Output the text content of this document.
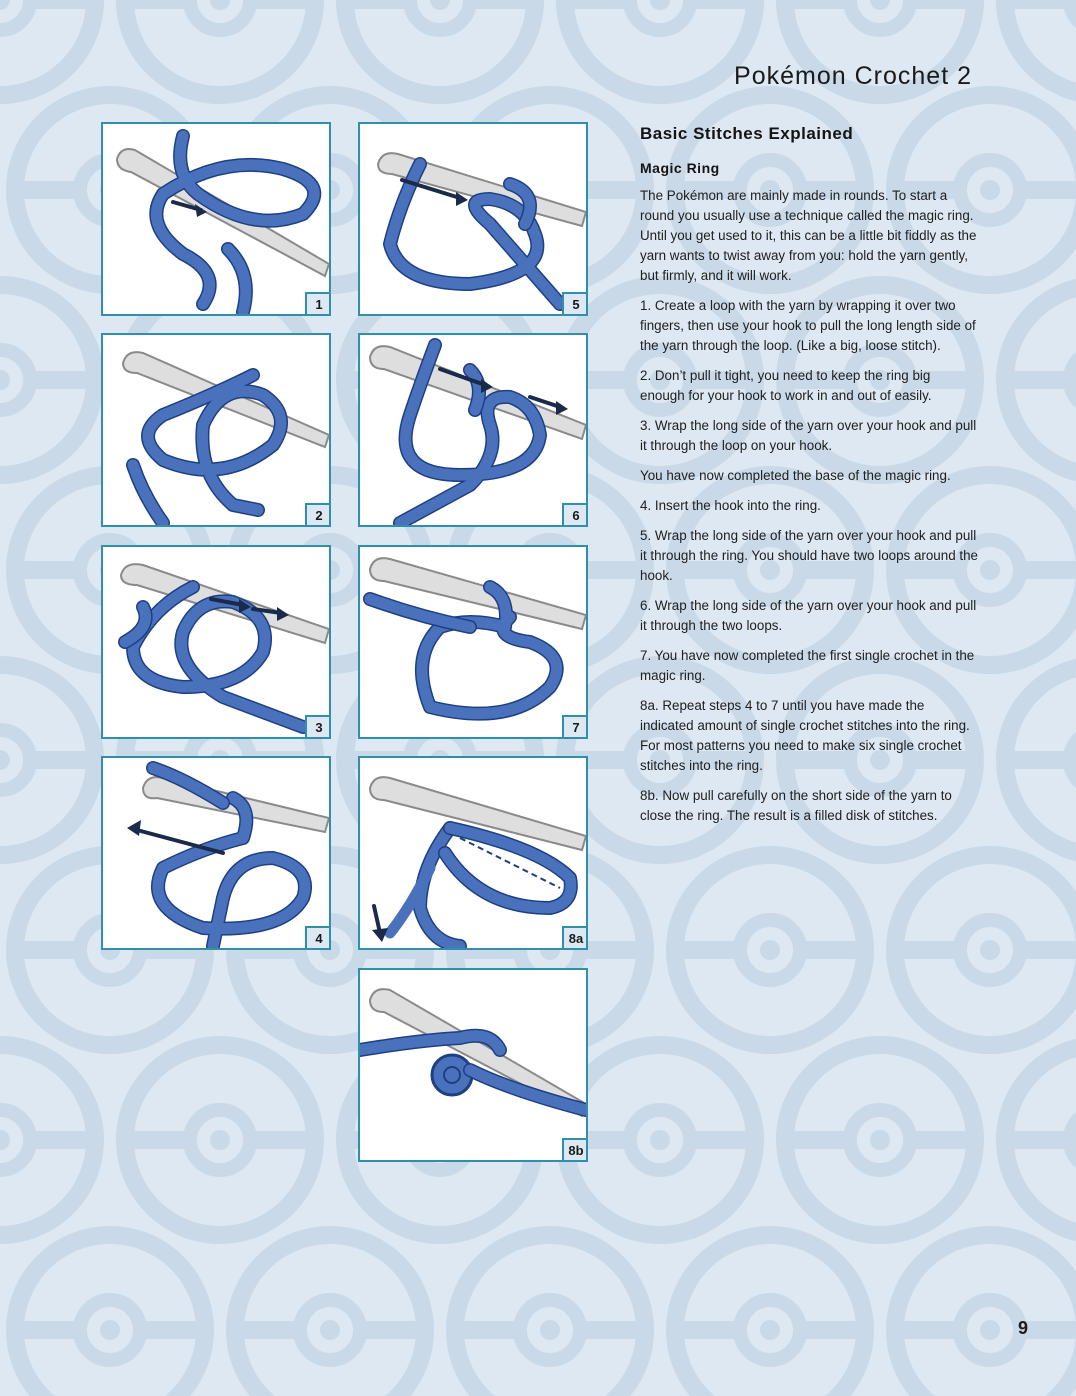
Pokémon Crochet 2
1
2
3
4
5
6
7
8a
8b
Basic Stitches Explained
Magic Ring

The Pokémon are mainly made in rounds. To start a round you usually use a technique called the magic ring. Until you get used to it, this can be a little bit fiddly as the yarn wants to twist away from you: hold the yarn gently, but firmly, and it will work.

1. Create a loop with the yarn by wrapping it over two fingers, then use your hook to pull the long length side of the yarn through the loop. (Like a big, loose stitch).

2. Don’t pull it tight, you need to keep the ring big enough for your hook to work in and out of easily.

3. Wrap the long side of the yarn over your hook and pull it through the loop on your hook.

You have now completed the base of the magic ring.

4. Insert the hook into the ring.

5. Wrap the long side of the yarn over your hook and pull it through the ring. You should have two loops around the hook.

6. Wrap the long side of the yarn over your hook and pull it through the two loops.

7. You have now completed the first single crochet in the magic ring.

8a. Repeat steps 4 to 7 until you have made the indicated amount of single crochet stitches into the ring. For most patterns you need to make six single crochet stitches into the ring.

8b. Now pull carefully on the short side of the yarn to close the ring. The result is a filled disk of stitches.

9
